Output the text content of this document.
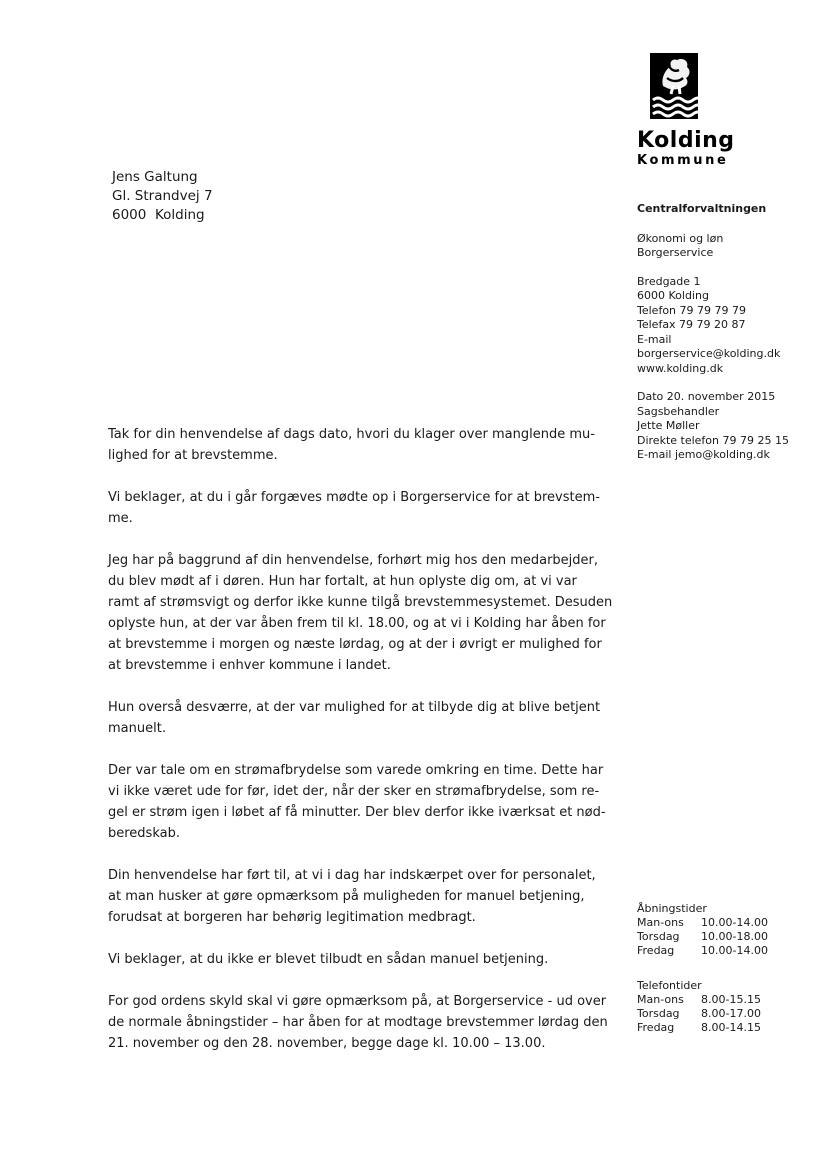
Kolding
Kommune
Jens Galtung
Gl. Strandvej 7
6000  Kolding	Centralforvaltningen
Økonomi og løn
Borgerservice
Bredgade 1
6000 Kolding
Telefon 79 79 79 79
Telefax 79 79 20 87
E-mail
borgerservice@kolding.dk
www.kolding.dk
Dato 20. november 2015
Sagsbehandler
Jette Møller
Direkte telefon 79 79 25 15
E-mail jemo@kolding.dk

Tak for din henvendelse af dags dato, hvori du klager over manglende mu-
lighed for at brevstemme.

Vi beklager, at du i går forgæves mødte op i Borgerservice for at brevstem-
me.

Jeg har på baggrund af din henvendelse, forhørt mig hos den medarbejder,
du blev mødt af i døren. Hun har fortalt, at hun oplyste dig om, at vi var
ramt af strømsvigt og derfor ikke kunne tilgå brevstemmesystemet. Desuden
oplyste hun, at der var åben frem til kl. 18.00, og at vi i Kolding har åben for
at brevstemme i morgen og næste lørdag, og at der i øvrigt er mulighed for
at brevstemme i enhver kommune i landet.

Hun overså desværre, at der var mulighed for at tilbyde dig at blive betjent
manuelt.

Der var tale om en strømafbrydelse som varede omkring en time. Dette har
vi ikke været ude for før, idet der, når der sker en strømafbrydelse, som re-
gel er strøm igen i løbet af få minutter. Der blev derfor ikke iværksat et nød-
beredskab.

Din henvendelse har ført til, at vi i dag har indskærpet over for personalet,
at man husker at gøre opmærksom på muligheden for manuel betjening,
forudsat at borgeren har behørig legitimation medbragt.

Vi beklager, at du ikke er blevet tilbudt en sådan manuel betjening.

For god ordens skyld skal vi gøre opmærksom på, at Borgerservice - ud over
de normale åbningstider – har åben for at modtage brevstemmer lørdag den
21. november og den 28. november, begge dage kl. 10.00 – 13.00.

Åbningstider
Man-ons 10.00-14.00
Torsdag 10.00-18.00
Fredag 10.00-14.00
Telefontider
Man-ons 8.00-15.15
Torsdag 8.00-17.00
Fredag 8.00-14.15
